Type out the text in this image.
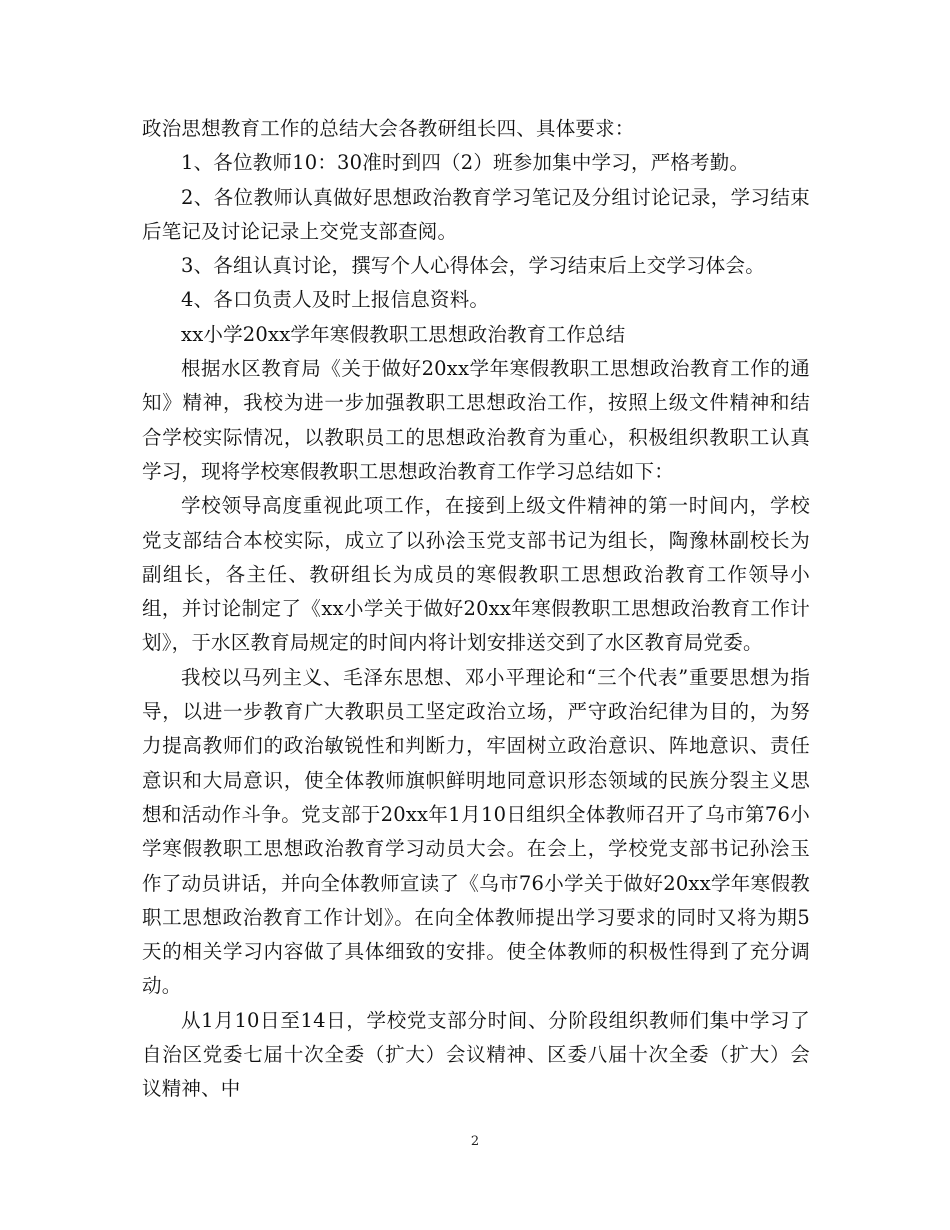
政治思想教育工作的总结大会各教研组长四、具体要求：

1、各位教师10：30准时到四（2）班参加集中学习，严格考勤。

2、各位教师认真做好思想政治教育学习笔记及分组讨论记录，学习结束后笔记及讨论记录上交党支部查阅。

3、各组认真讨论，撰写个人心得体会，学习结束后上交学习体会。

4、各口负责人及时上报信息资料。

xx小学20xx学年寒假教职工思想政治教育工作总结

根据水区教育局《关于做好20xx学年寒假教职工思想政治教育工作的通知》精神，我校为进一步加强教职工思想政治工作，按照上级文件精神和结合学校实际情况，以教职员工的思想政治教育为重心，积极组织教职工认真学习，现将学校寒假教职工思想政治教育工作学习总结如下：

学校领导高度重视此项工作，在接到上级文件精神的第一时间内，学校党支部结合本校实际，成立了以孙浍玉党支部书记为组长，陶豫林副校长为副组长，各主任、教研组长为成员的寒假教职工思想政治教育工作领导小组，并讨论制定了《xx小学关于做好20xx年寒假教职工思想政治教育工作计划》，于水区教育局规定的时间内将计划安排送交到了水区教育局党委。

我校以马列主义、毛泽东思想、邓小平理论和“三个代表”重要思想为指导，以进一步教育广大教职员工坚定政治立场，严守政治纪律为目的，为努力提高教师们的政治敏锐性和判断力，牢固树立政治意识、阵地意识、责任意识和大局意识，使全体教师旗帜鲜明地同意识形态领域的民族分裂主义思想和活动作斗争。党支部于20xx年1月10日组织全体教师召开了乌市第76小学寒假教职工思想政治教育学习动员大会。在会上，学校党支部书记孙浍玉作了动员讲话，并向全体教师宣读了《乌市76小学关于做好20xx学年寒假教职工思想政治教育工作计划》。在向全体教师提出学习要求的同时又将为期5天的相关学习内容做了具体细致的安排。使全体教师的积极性得到了充分调动。

从1月10日至14日，学校党支部分时间、分阶段组织教师们集中学习了自治区党委七届十次全委（扩大）会议精神、区委八届十次全委（扩大）会议精神、中

2
